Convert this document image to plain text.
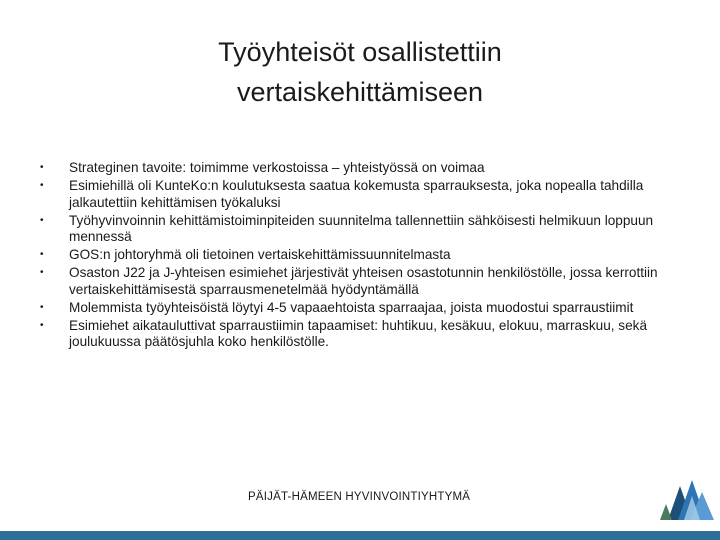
Työyhteisöt osallistettiin
vertaiskehittämiseen
• Strateginen tavoite: toimimme verkostoissa – yhteistyössä on voimaa
• Esimiehillä oli KunteKo:n koulutuksesta saatua kokemusta sparrauksesta, joka nopealla tahdilla jalkautettiin kehittämisen työkaluksi
• Työhyvinvoinnin kehittämistoiminpiteiden suunnitelma tallennettiin sähköisesti helmikuun loppuun mennessä
• GOS:n johtoryhmä oli tietoinen vertaiskehittämissuunnitelmasta
• Osaston J22 ja J-yhteisen esimiehet järjestivät yhteisen osastotunnin henkilöstölle, jossa kerrottiin vertaiskehittämisestä sparrausmenetelmää hyödyntämällä
• Molemmista työyhteisöistä löytyi 4-5 vapaaehtoista sparraajaa, joista muodostui sparraustiimit
• Esimiehet aikatauluttivat sparraustiimin tapaamiset: huhtikuu, kesäkuu, elokuu, marraskuu, sekä joulukuussa päätösjuhla koko henkilöstölle.
PÄIJÄT-HÄMEEN HYVINVOINTIYHTYMÄ
